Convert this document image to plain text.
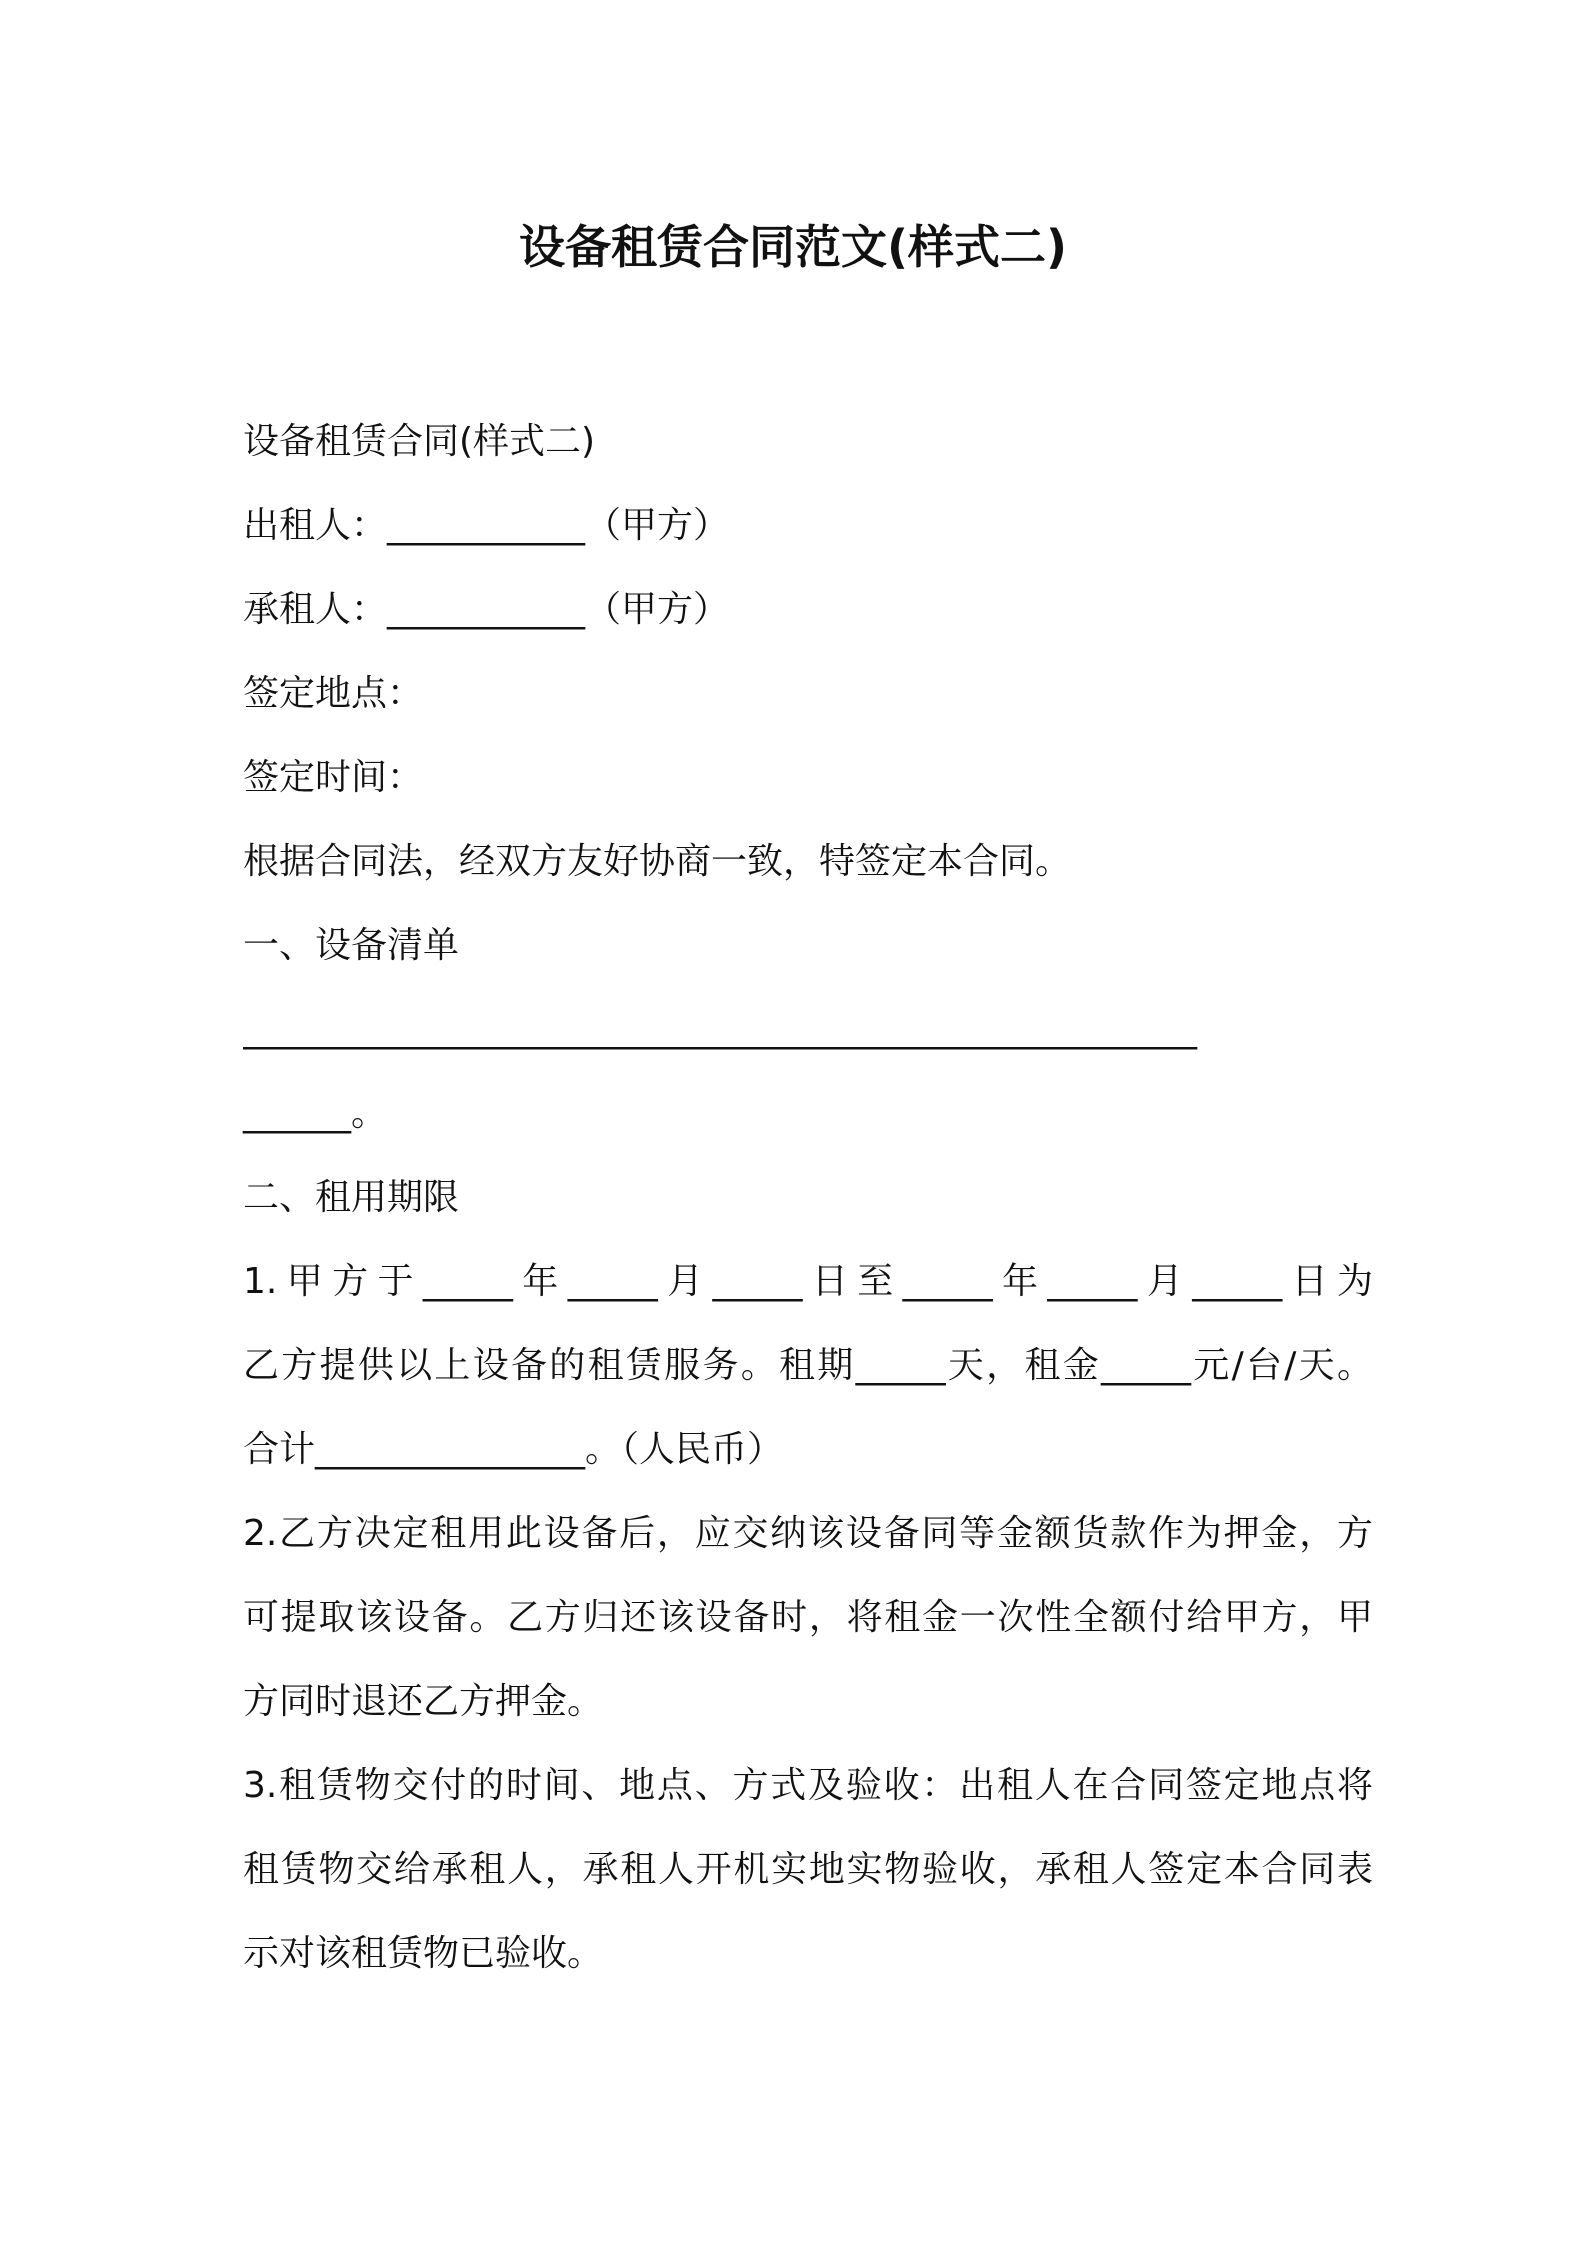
设备租赁合同范文(样式二)

设备租赁合同(样式二)

出租人：___________（甲方）

承租人：___________（甲方）

签定地点：

签定时间：

根据合同法，经双方友好协商一致，特签定本合同。

一、设备清单

_____________________________________________________

______。

二、租用期限

1.甲方于_____年_____月_____日至_____年_____月_____日为

乙方提供以上设备的租赁服务。租期_____天，租金_____元/台/天。

合计_______________。（人民币）

2.乙方决定租用此设备后，应交纳该设备同等金额货款作为押金，方

可提取该设备。乙方归还该设备时，将租金一次性全额付给甲方，甲

方同时退还乙方押金。

3.租赁物交付的时间、地点、方式及验收：出租人在合同签定地点将

租赁物交给承租人，承租人开机实地实物验收，承租人签定本合同表

示对该租赁物已验收。
